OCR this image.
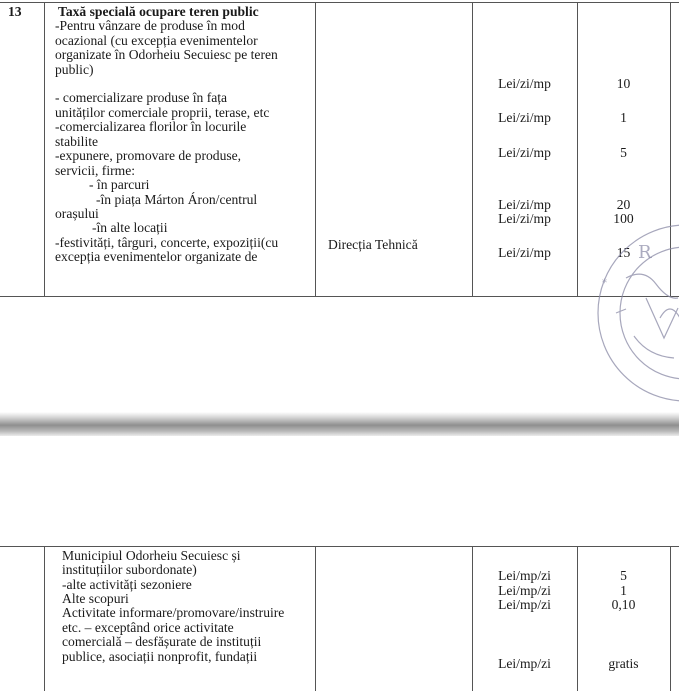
13	Taxă specială ocupare teren public
-Pentru vânzare de produse în mod
ocazional (cu excepția evenimentelor
organizate în Odorheiu Secuiesc pe teren
public)
- comercializare produse în fața
unităților comerciale proprii, terase, etc
-comercializarea florilor în locurile
stabilite
-expunere, promovare de produse,
servicii, firme:
- în parcuri
-în piața Márton Áron/centrul
orașului
-în alte locații
-festivități, târguri, concerte, expoziții(cu
excepția evenimentelor organizate de
Direcția Tehnică
Lei/zi/mp
Lei/zi/mp
Lei/zi/mp
Lei/zi/mp
Lei/zi/mp
Lei/zi/mp
10
1
5
20
100
15 R
*
Municipiul Odorheiu Secuiesc și
instituțiilor subordonate)
-alte activități sezoniere
Alte scopuri
Activitate informare/promovare/instruire
etc. – exceptând orice activitate
comercială – desfășurate de instituții
publice, asociații nonprofit, fundații
Lei/mp/zi
Lei/mp/zi
Lei/mp/zi
Lei/mp/zi
5
1
0,10
gratis
